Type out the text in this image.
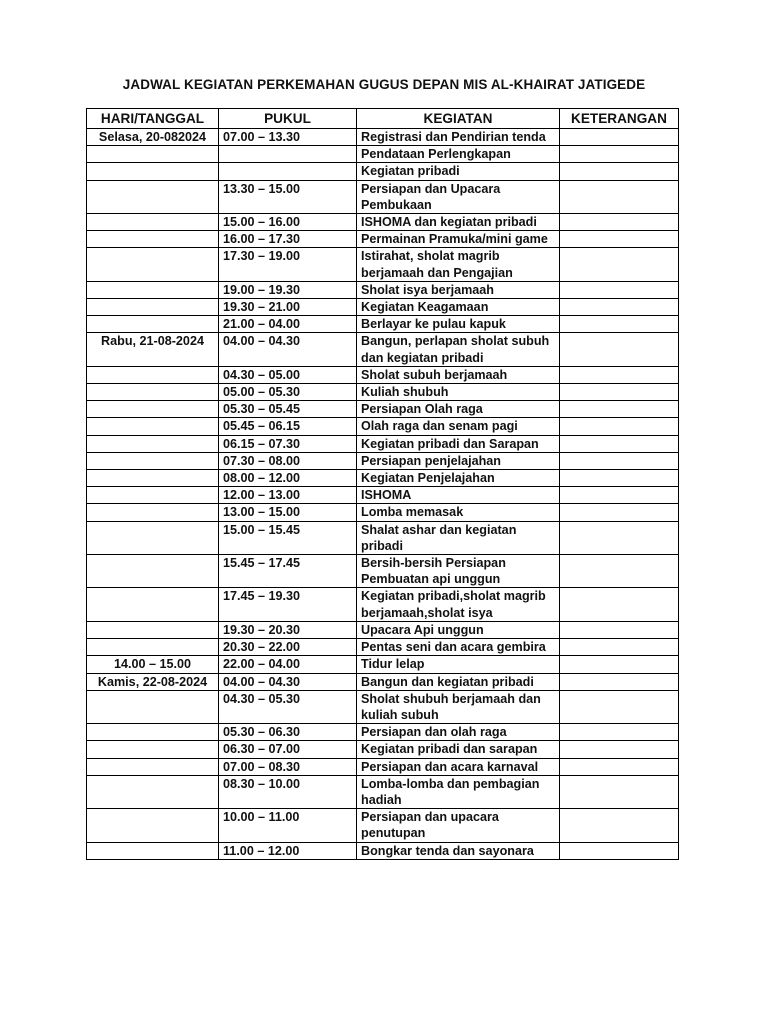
JADWAL KEGIATAN PERKEMAHAN GUGUS DEPAN MIS AL-KHAIRAT JATIGEDE
HARI/TANGGAL	PUKUL	KEGIATAN	KETERANGAN
Selasa, 20-082024	07.00 – 13.30	Registrasi dan Pendirian tenda	
		Pendataan Perlengkapan	
		Kegiatan pribadi	
	13.30 – 15.00	Persiapan dan Upacara Pembukaan	
	15.00 – 16.00	ISHOMA dan kegiatan pribadi	
	16.00 – 17.30	Permainan Pramuka/mini game	
	17.30 – 19.00	Istirahat, sholat magrib berjamaah dan Pengajian	
	19.00 – 19.30	Sholat isya berjamaah	
	19.30 – 21.00	Kegiatan Keagamaan	
	21.00 – 04.00	Berlayar ke pulau kapuk	
Rabu, 21-08-2024	04.00 – 04.30	Bangun, perlapan sholat subuh dan kegiatan pribadi	
	04.30 – 05.00	Sholat subuh berjamaah	
	05.00 – 05.30	Kuliah shubuh	
	05.30 – 05.45	Persiapan Olah raga	
	05.45 – 06.15	Olah raga dan senam pagi	
	06.15 – 07.30	Kegiatan pribadi dan Sarapan	
	07.30 – 08.00	Persiapan penjelajahan	
	08.00 – 12.00	Kegiatan Penjelajahan	
	12.00 – 13.00	ISHOMA	
	13.00 – 15.00	Lomba memasak	
	15.00 – 15.45	Shalat ashar dan kegiatan pribadi	
	15.45 – 17.45	Bersih-bersih Persiapan Pembuatan api unggun	
	17.45 – 19.30	Kegiatan pribadi,sholat magrib berjamaah,sholat isya	
	19.30 – 20.30	Upacara Api unggun	
	20.30 – 22.00	Pentas seni dan acara gembira	
14.00 – 15.00	22.00 – 04.00	Tidur lelap	
Kamis, 22-08-2024	04.00 – 04.30	Bangun dan kegiatan pribadi	
	04.30 – 05.30	Sholat shubuh berjamaah dan kuliah subuh	
	05.30 – 06.30	Persiapan dan olah raga	
	06.30 – 07.00	Kegiatan pribadi dan sarapan	
	07.00 – 08.30	Persiapan dan acara karnaval	
	08.30 – 10.00	Lomba-lomba dan pembagian hadiah	
	10.00 – 11.00	Persiapan dan upacara penutupan	
	11.00 – 12.00	Bongkar tenda dan sayonara	
